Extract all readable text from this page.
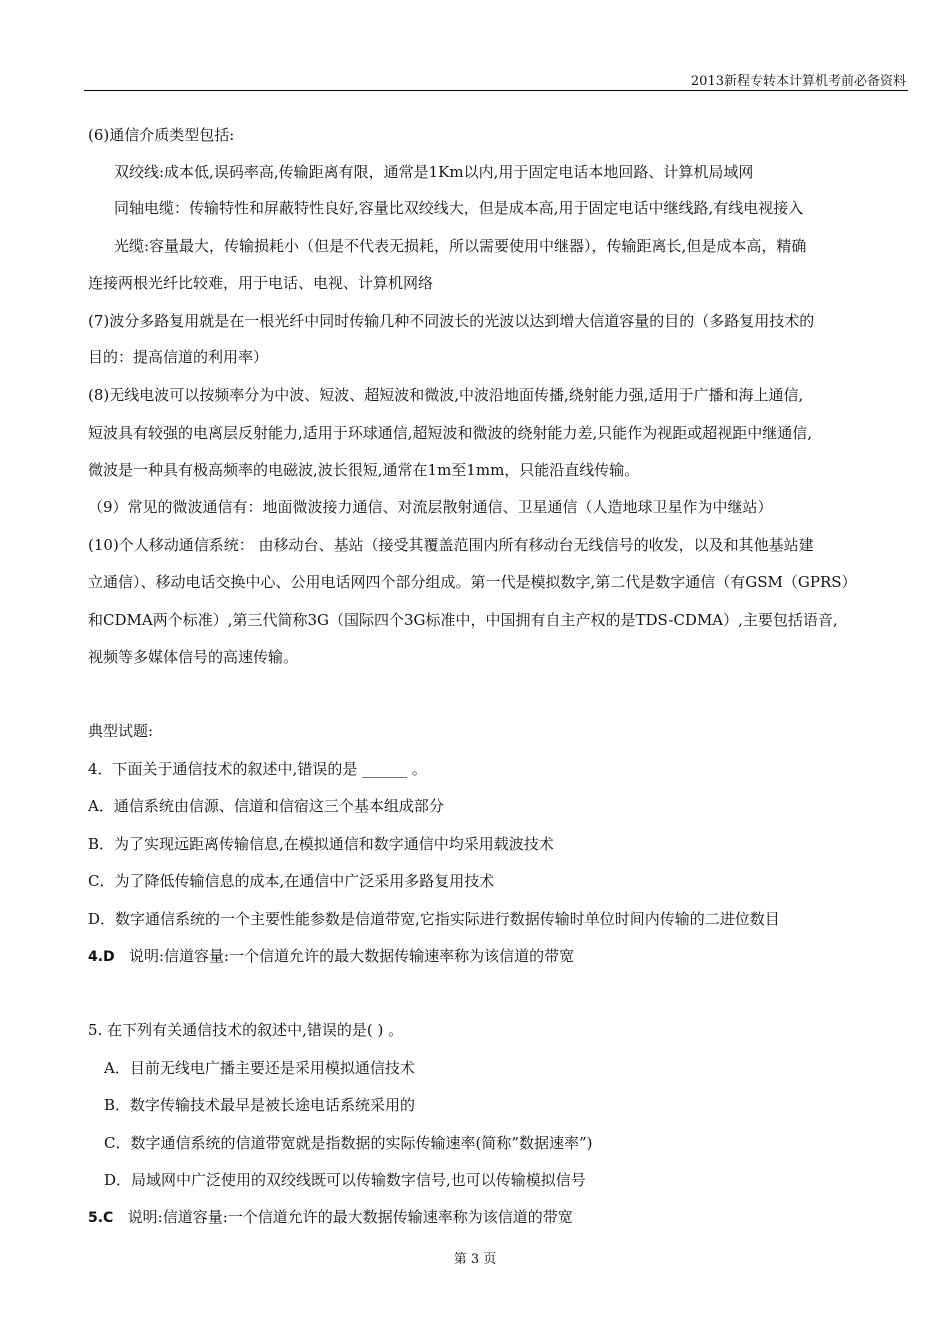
2013新程专转本计算机考前必备资料
(6)通信介质类型包括:
双绞线:成本低,误码率高,传输距离有限，通常是1Km以内,用于固定电话本地回路、计算机局域网
同轴电缆：传输特性和屏蔽特性良好,容量比双绞线大，但是成本高,用于固定电话中继线路,有线电视接入
光缆:容量最大，传输损耗小（但是不代表无损耗，所以需要使用中继器），传输距离长,但是成本高，精确
连接两根光纤比较难，用于电话、电视、计算机网络
(7)波分多路复用就是在一根光纤中同时传输几种不同波长的光波以达到增大信道容量的目的（多路复用技术的
目的：提高信道的利用率）
(8)无线电波可以按频率分为中波、短波、超短波和微波,中波沿地面传播,绕射能力强,适用于广播和海上通信,
短波具有较强的电离层反射能力,适用于环球通信,超短波和微波的绕射能力差,只能作为视距或超视距中继通信,
微波是一种具有极高频率的电磁波,波长很短,通常在1m至1mm，只能沿直线传输。
（9）常见的微波通信有：地面微波接力通信、对流层散射通信、卫星通信（人造地球卫星作为中继站）
(10)个人移动通信系统： 由移动台、基站（接受其覆盖范围内所有移动台无线信号的收发，以及和其他基站建
立通信）、移动电话交换中心、公用电话网四个部分组成。第一代是模拟数字,第二代是数字通信（有GSM（GPRS）
和CDMA两个标准）,第三代简称3G（国际四个3G标准中，中国拥有自主产权的是TDS-CDMA）,主要包括语音,
视频等多媒体信号的高速传输。
典型试题:
4．下面关于通信技术的叙述中,错误的是 ______ 。
A．通信系统由信源、信道和信宿这三个基本组成部分
B．为了实现远距离传输信息,在模拟通信和数字通信中均采用载波技术
C．为了降低传输信息的成本,在通信中广泛采用多路复用技术
D．数字通信系统的一个主要性能参数是信道带宽,它指实际进行数据传输时单位时间内传输的二进位数目
4.D 说明:信道容量:一个信道允许的最大数据传输速率称为该信道的带宽
5. 在下列有关通信技术的叙述中,错误的是( ) 。
A．目前无线电广播主要还是采用模拟通信技术
B．数字传输技术最早是被长途电话系统采用的
C．数字通信系统的信道带宽就是指数据的实际传输速率(简称”数据速率”)
D．局域网中广泛使用的双绞线既可以传输数字信号,也可以传输模拟信号
5.C 说明:信道容量:一个信道允许的最大数据传输速率称为该信道的带宽
第 3 页
